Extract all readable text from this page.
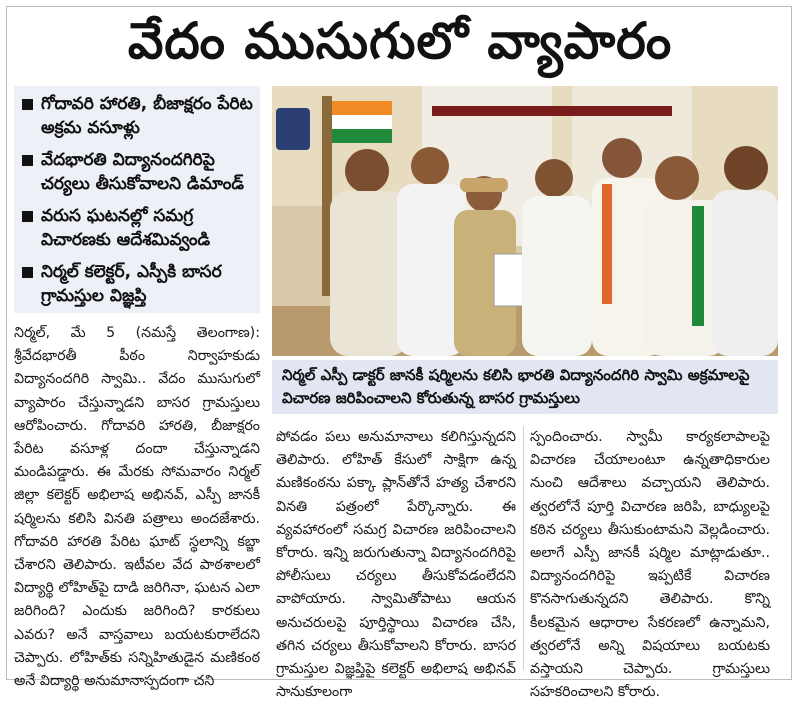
వేదం ముసుగులో వ్యాపారం
గోదావరి హారతి, బీజాక్షరం పేరిట అక్రమ వసూళ్లు
వేదభారతి విద్యానందగిరిపై చర్యలు తీసుకోవాలని డిమాండ్
వరుస ఘటనల్లో సమగ్ర విచారణకు ఆదేశమివ్వండి
నిర్మల్ కలెక్టర్, ఎస్పీకి బాసర గ్రామస్తుల విజ్ఞప్తి
నిర్మల్ ఎస్పీ డాక్టర్ జానకీ షర్మిలను కలిసి భారతి విద్యానందగిరి స్వామి అక్రమాలపై విచారణ జరిపించాలని కోరుతున్న బాసర గ్రామస్తులు

నిర్మల్, మే 5 (నమస్తే తెలంగాణ): శ్రీవేదభారతీ పీఠం నిర్వాహకుడు విద్యానందగిరి స్వామి.. వేదం ముసుగులో వ్యాపారం చేస్తున్నాడని బాసర గ్రామస్తులు ఆరోపించారు. గోదావరి హారతి, బీజాక్షరం పేరిట వసూళ్ల దందా చేస్తున్నాడని మండిపడ్డారు. ఈ మేరకు సోమవారం నిర్మల్ జిల్లా కలెక్టర్ అభిలాష అభినవ్, ఎస్పీ జానకీ షర్మిలను కలిసి వినతి పత్రాలు అందజేశారు. గోదావరి హారతి పేరిట ఘాట్ స్థలాన్ని కబ్జా చేశారని తెలిపారు. ఇటీవల వేద పాఠశాలలో విద్యార్థి లోహిత్‌పై దాడి జరిగినా, ఘటన ఎలా జరిగింది? ఎందుకు జరిగింది? కారకులు ఎవరు? అనే వాస్తవాలు బయటకురాలేదని చెప్పారు. లోహిత్‌కు సన్నిహితుడైన మణికంఠ అనే విద్యార్థి అనుమానాస్పదంగా చని

పోవడం పలు అనుమానాలు కలిగిస్తున్నదని తెలిపారు. లోహిత్ కేసులో సాక్షిగా ఉన్న మణికంఠను పక్కా ప్లాన్‌తోనే హత్య చేశారని వినతి పత్రంలో పేర్కొన్నారు. ఈ వ్యవహారంలో సమగ్ర విచారణ జరిపించాలని కోరారు. ఇన్ని జరుగుతున్నా విద్యానందగిరిపై పోలీసులు చర్యలు తీసుకోవడంలేదని వాపోయారు. స్వామితోపాటు ఆయన అనుచరులపై పూర్తిస్థాయి విచారణ చేసి, తగిన చర్యలు తీసుకోవాలని కోరారు. బాసర గ్రామస్తుల విజ్ఞప్తిపై కలెక్టర్ అభిలాష అభినవ్ సానుకూలంగా

స్పందించారు. స్వామీ కార్యకలాపాలపై విచారణ చేయాలంటూ ఉన్నతాధికారుల నుంచి ఆదేశాలు వచ్చాయని తెలిపారు. త్వరలోనే పూర్తి విచారణ జరిపి, బాధ్యులపై కఠిన చర్యలు తీసుకుంటామని వెల్లడించారు. అలాగే ఎస్పీ జానకీ షర్మిల మాట్లాడుతూ.. విద్యానందగిరిపై ఇప్పటికే విచారణ కొనసాగుతున్నదని తెలిపారు. కొన్ని కీలకమైన ఆధారాల సేకరణలో ఉన్నామని, త్వరలోనే అన్ని విషయాలు బయటకు వస్తాయని చెప్పారు. గ్రామస్తులు సహకరించాలని కోరారు.
